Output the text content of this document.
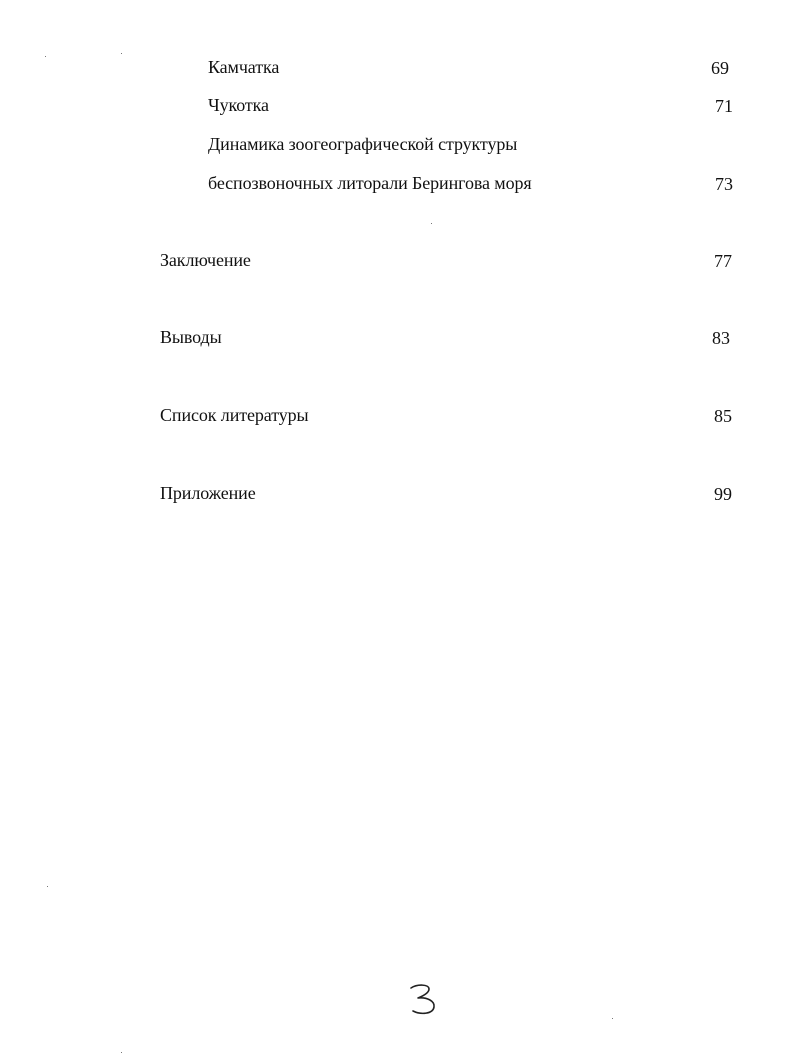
Камчатка	69
Чукотка	71
Динамика зоогеографической структуры
беспозвоночных литорали Берингова моря	73
Заключение	77
Выводы	83
Список литературы	85
Приложение	99
